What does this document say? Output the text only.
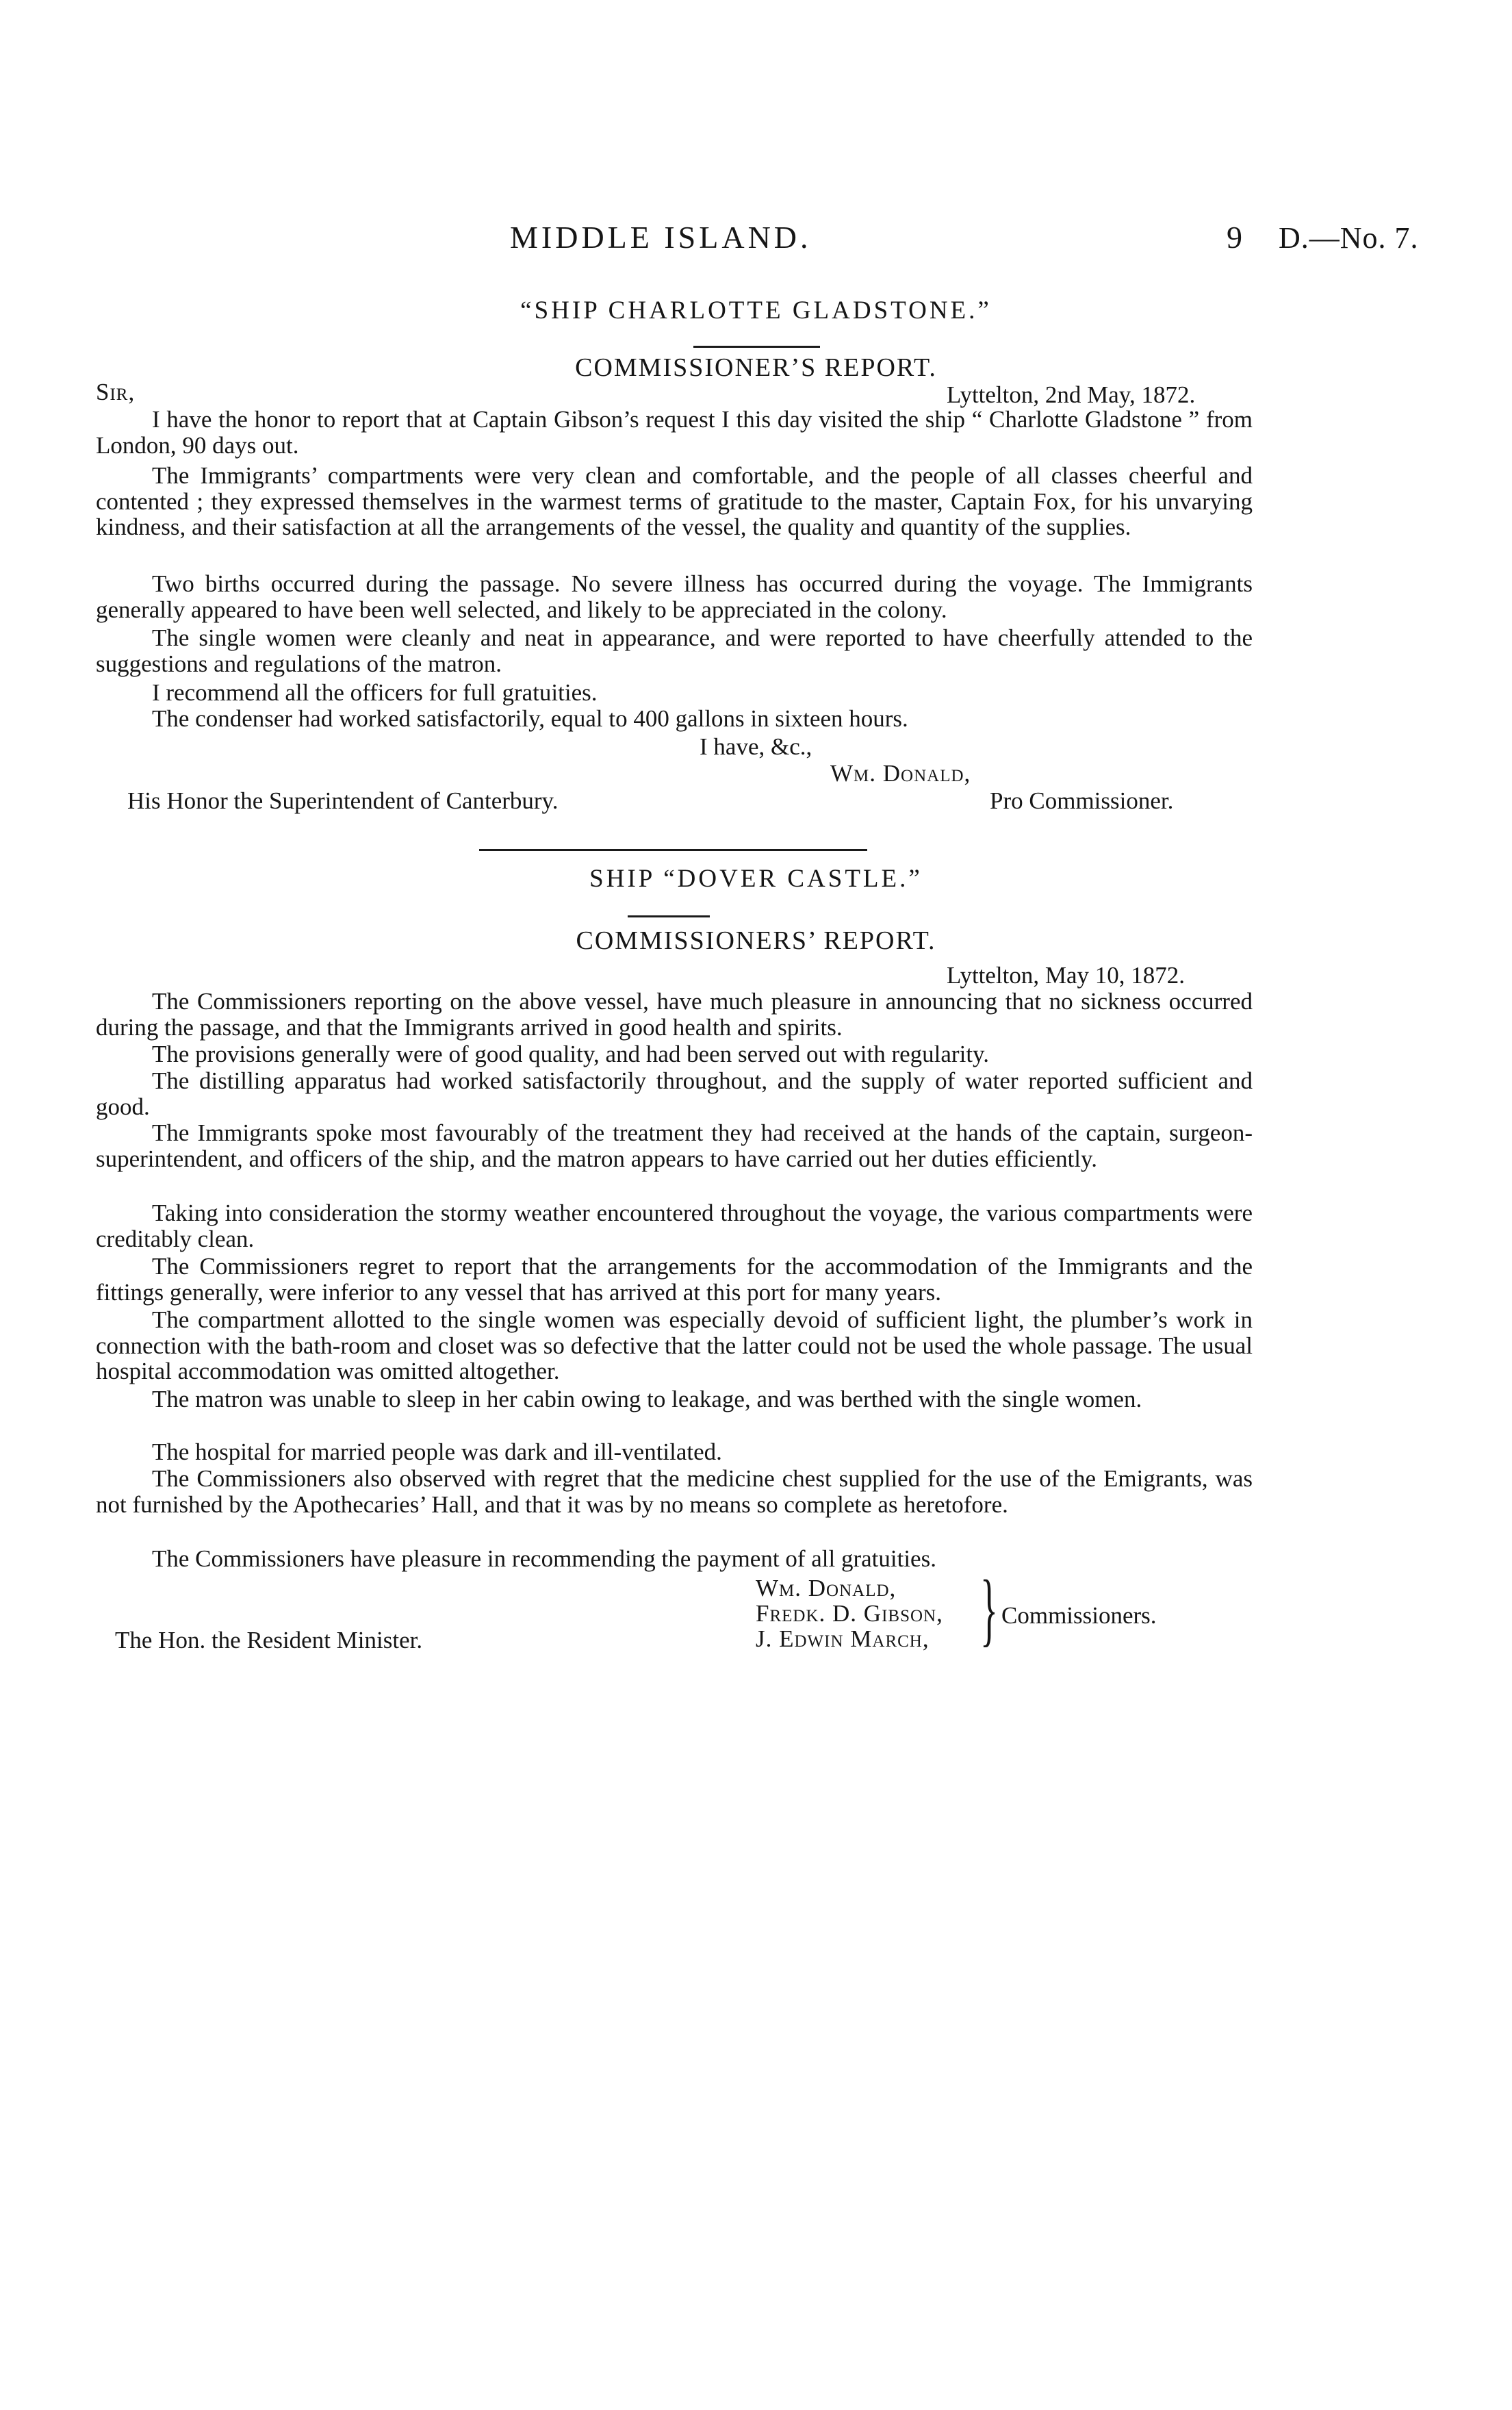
MIDDLE ISLAND.	9 D.—No. 7.
“SHIP CHARLOTTE GLADSTONE.”
COMMISSIONER’S REPORT.
Sir,	Lyttelton, 2nd May, 1872.
I have the honor to report that at Captain Gibson’s request I this day visited the ship “ Charlotte Gladstone ” from London, 90 days out.
The Immigrants’ compartments were very clean and comfortable, and the people of all classes cheerful and contented ; they expressed themselves in the warmest terms of gratitude to the master, Captain Fox, for his unvarying kindness, and their satisfaction at all the arrangements of the vessel, the quality and quantity of the supplies.
Two births occurred during the passage. No severe illness has occurred during the voyage. The Immigrants generally appeared to have been well selected, and likely to be appreciated in the colony.
The single women were cleanly and neat in appearance, and were reported to have cheerfully attended to the suggestions and regulations of the matron.
I recommend all the officers for full gratuities.
The condenser had worked satisfactorily, equal to 400 gallons in sixteen hours.
I have, &c.,
Wm. Donald,
His Honor the Superintendent of Canterbury.	Pro Commissioner.
SHIP “DOVER CASTLE.”
COMMISSIONERS’ REPORT.
Lyttelton, May 10, 1872.
The Commissioners reporting on the above vessel, have much pleasure in announcing that no sickness occurred during the passage, and that the Immigrants arrived in good health and spirits.
The provisions generally were of good quality, and had been served out with regularity.
The distilling apparatus had worked satisfactorily throughout, and the supply of water reported sufficient and good.
The Immigrants spoke most favourably of the treatment they had received at the hands of the captain, surgeon-superintendent, and officers of the ship, and the matron appears to have carried out her duties efficiently.
Taking into consideration the stormy weather encountered throughout the voyage, the various compartments were creditably clean.
The Commissioners regret to report that the arrangements for the accommodation of the Immigrants and the fittings generally, were inferior to any vessel that has arrived at this port for many years.
The compartment allotted to the single women was especially devoid of sufficient light, the plumber’s work in connection with the bath-room and closet was so defective that the latter could not be used the whole passage. The usual hospital accommodation was omitted altogether.
The matron was unable to sleep in her cabin owing to leakage, and was berthed with the single women.
The hospital for married people was dark and ill-ventilated.
The Commissioners also observed with regret that the medicine chest supplied for the use of the Emigrants, was not furnished by the Apothecaries’ Hall, and that it was by no means so complete as heretofore.
The Commissioners have pleasure in recommending the payment of all gratuities.
Wm. Donald,
Fredk. D. Gibson,
J. Edwin March, } Commissioners.
The Hon. the Resident Minister.
